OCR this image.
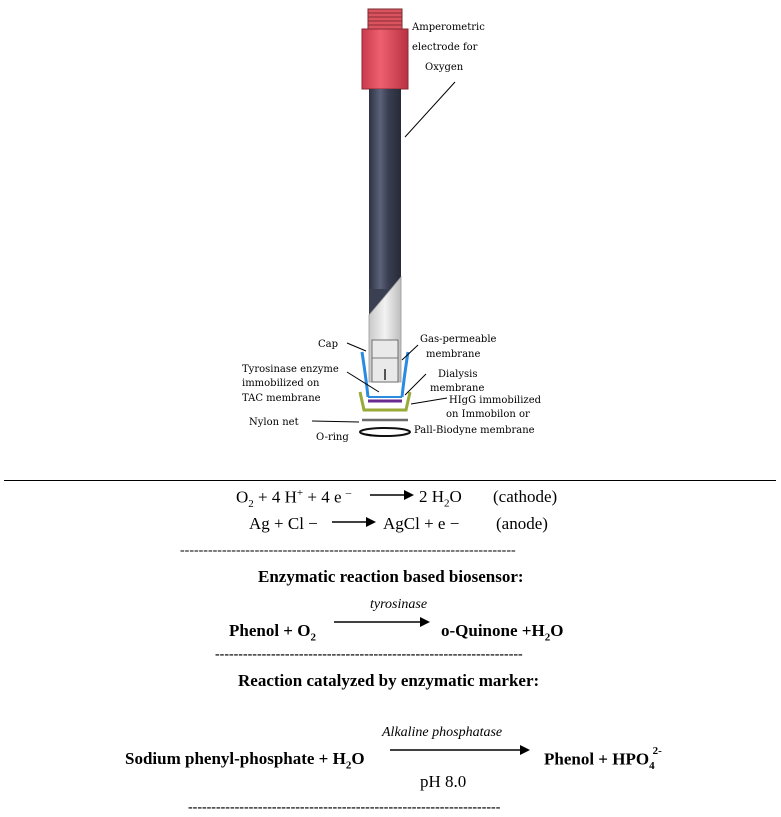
Amperometric electrode for Oxygen
Cap	Gas-permeable membrane
Tyrosinase enzyme immobilized on TAC membrane
Dialysis membrane
HIgG immobilized on Immobilon or
Pall-Biodyne membrane
Nylon net
O-ring
$O_2 + 4$ H+ + 4 e –	2 $H_2O$ (cathode)
Ag + Cl −	AgCl + e − (anode)
------------------------------------------------------------------------
Enzymatic reaction based biosensor:
tyrosinase
Phenol + $O_2$	o-Quinone $+H_2O$
------------------------------------------------------------------
Reaction catalyzed by enzymatic marker:
Alkaline phosphatase
Sodium phenyl-phosphate + $H_2O$	Phenol + $HPO_4^{2-}$
pH 8.0
-------------------------------------------------------------------
